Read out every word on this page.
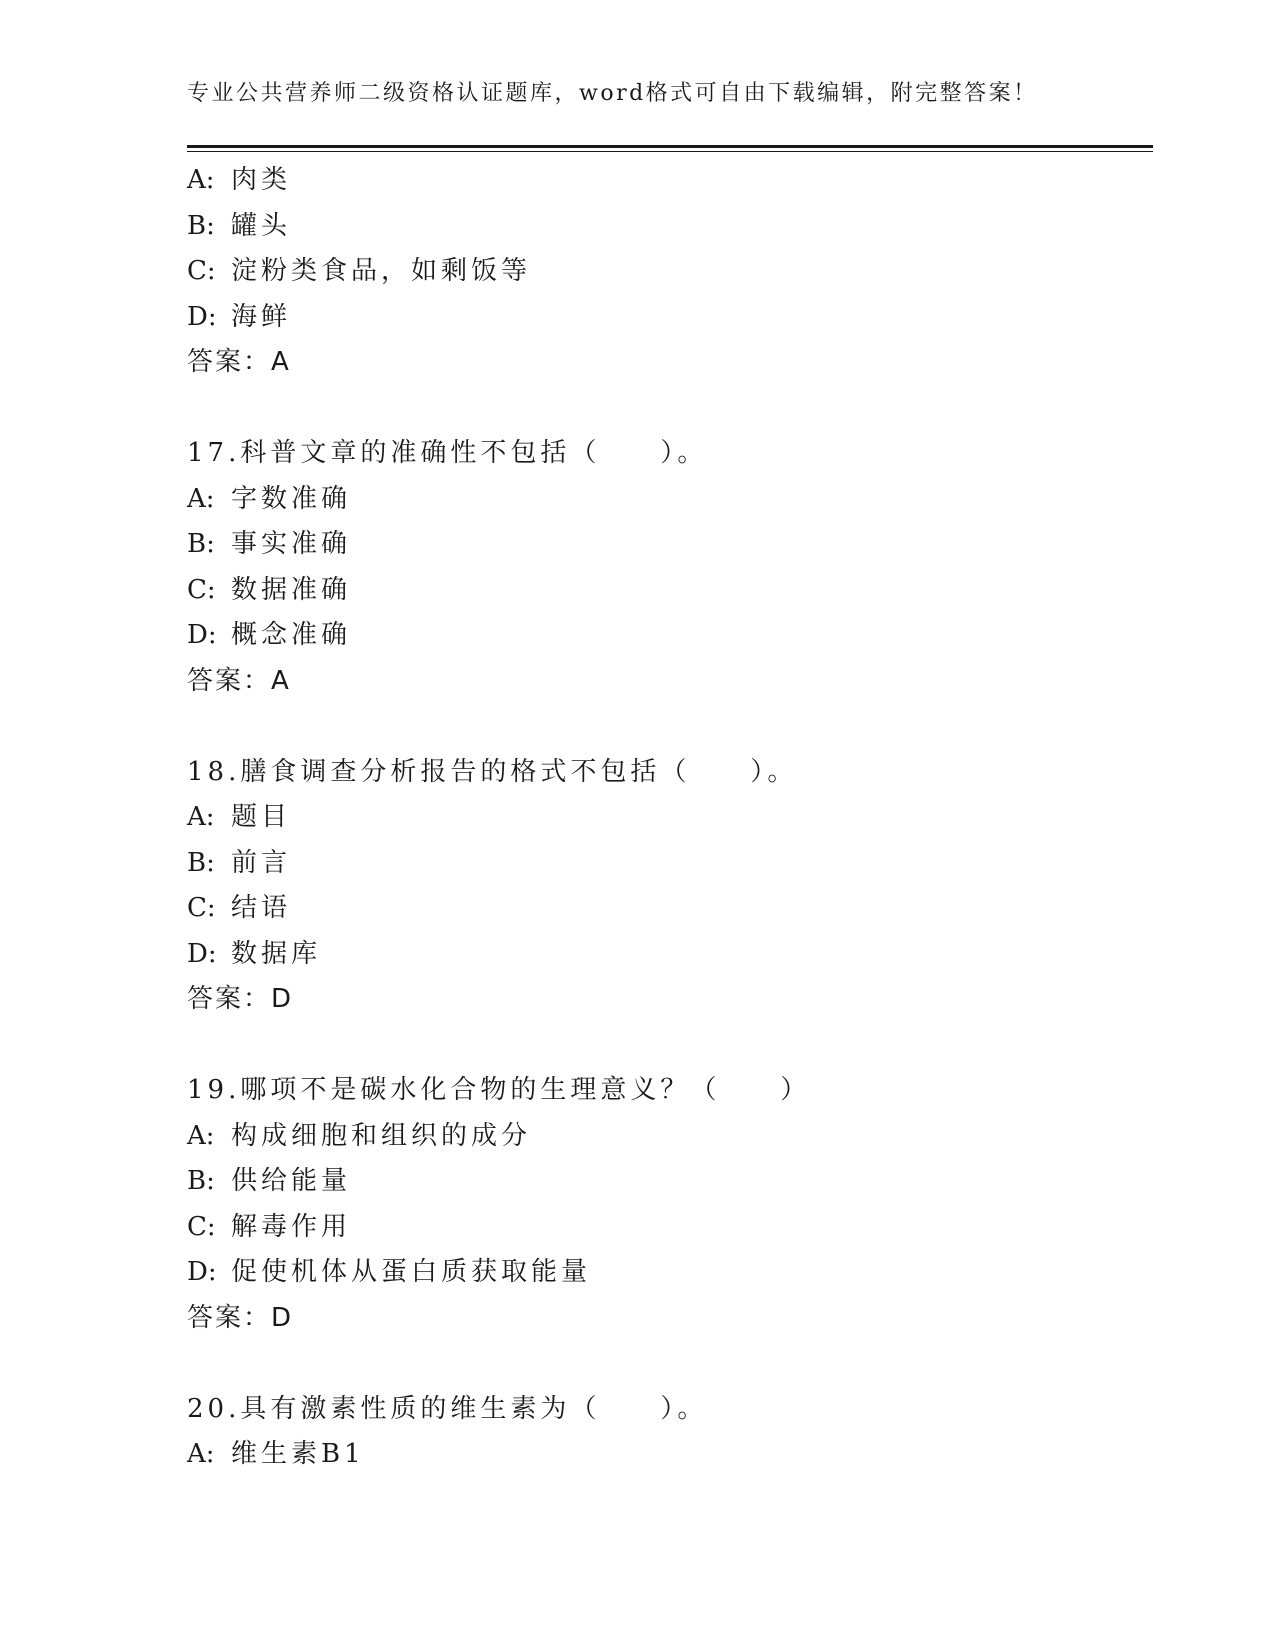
专业公共营养师二级资格认证题库，word格式可自由下载编辑，附完整答案！
A: 肉类
B: 罐头
C: 淀粉类食品，如剩饭等
D: 海鲜
答案：A
17.科普文章的准确性不包括（　　）。
A: 字数准确
B: 事实准确
C: 数据准确
D: 概念准确
答案：A
18.膳食调查分析报告的格式不包括（　　）。
A: 题目
B: 前言
C: 结语
D: 数据库
答案：D
19.哪项不是碳水化合物的生理意义？（　　）
A: 构成细胞和组织的成分
B: 供给能量
C: 解毒作用
D: 促使机体从蛋白质获取能量
答案：D
20.具有激素性质的维生素为（　　）。
A: 维生素B1
